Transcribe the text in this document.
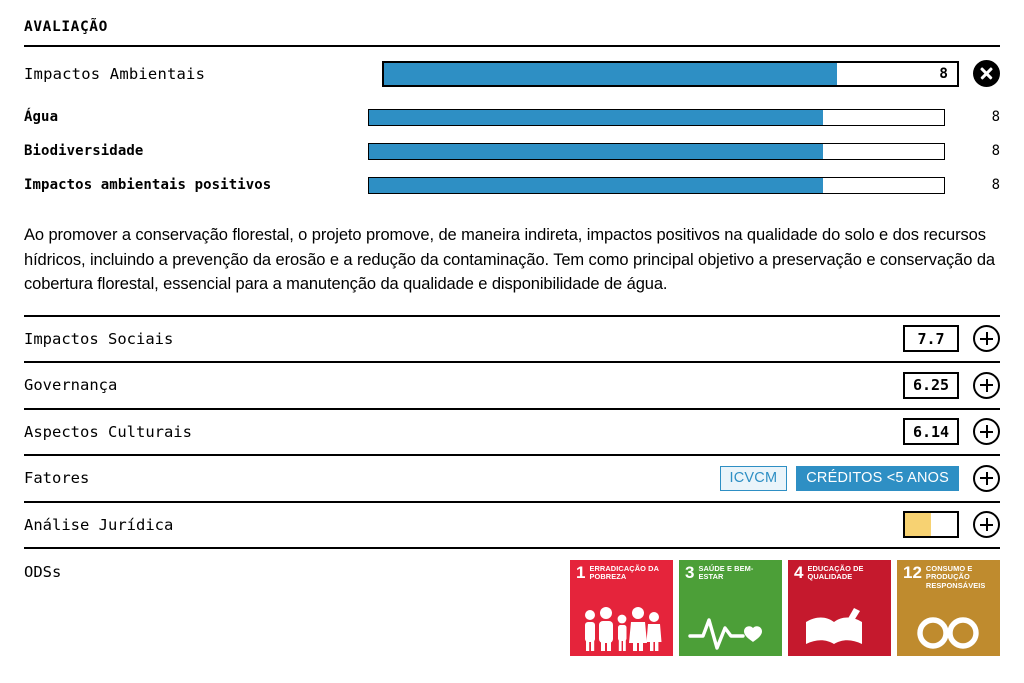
AVALIAÇÃO
Impactos Ambientais	8
Água	8
Biodiversidade	8
Impactos ambientais positivos	8
Ao promover a conservação florestal, o projeto promove, de maneira indireta, impactos positivos na qualidade do solo e dos recursos hídricos, incluindo a prevenção da erosão e a redução da contaminação. Tem como principal objetivo a preservação e conservação da cobertura florestal, essencial para a manutenção da qualidade e disponibilidade de água.
Impactos Sociais	7.7
Governança	6.25
Aspectos Culturais	6.14
Fatores	ICVCM	CRÉDITOS <5 ANOS
Análise Jurídica
ODSs	1 ERRADICAÇÃO DA POBREZA	3 SAÚDE E BEM-ESTAR	4 EDUCAÇÃO DE QUALIDADE	12 CONSUMO E PRODUÇÃO RESPONSÁVEIS
